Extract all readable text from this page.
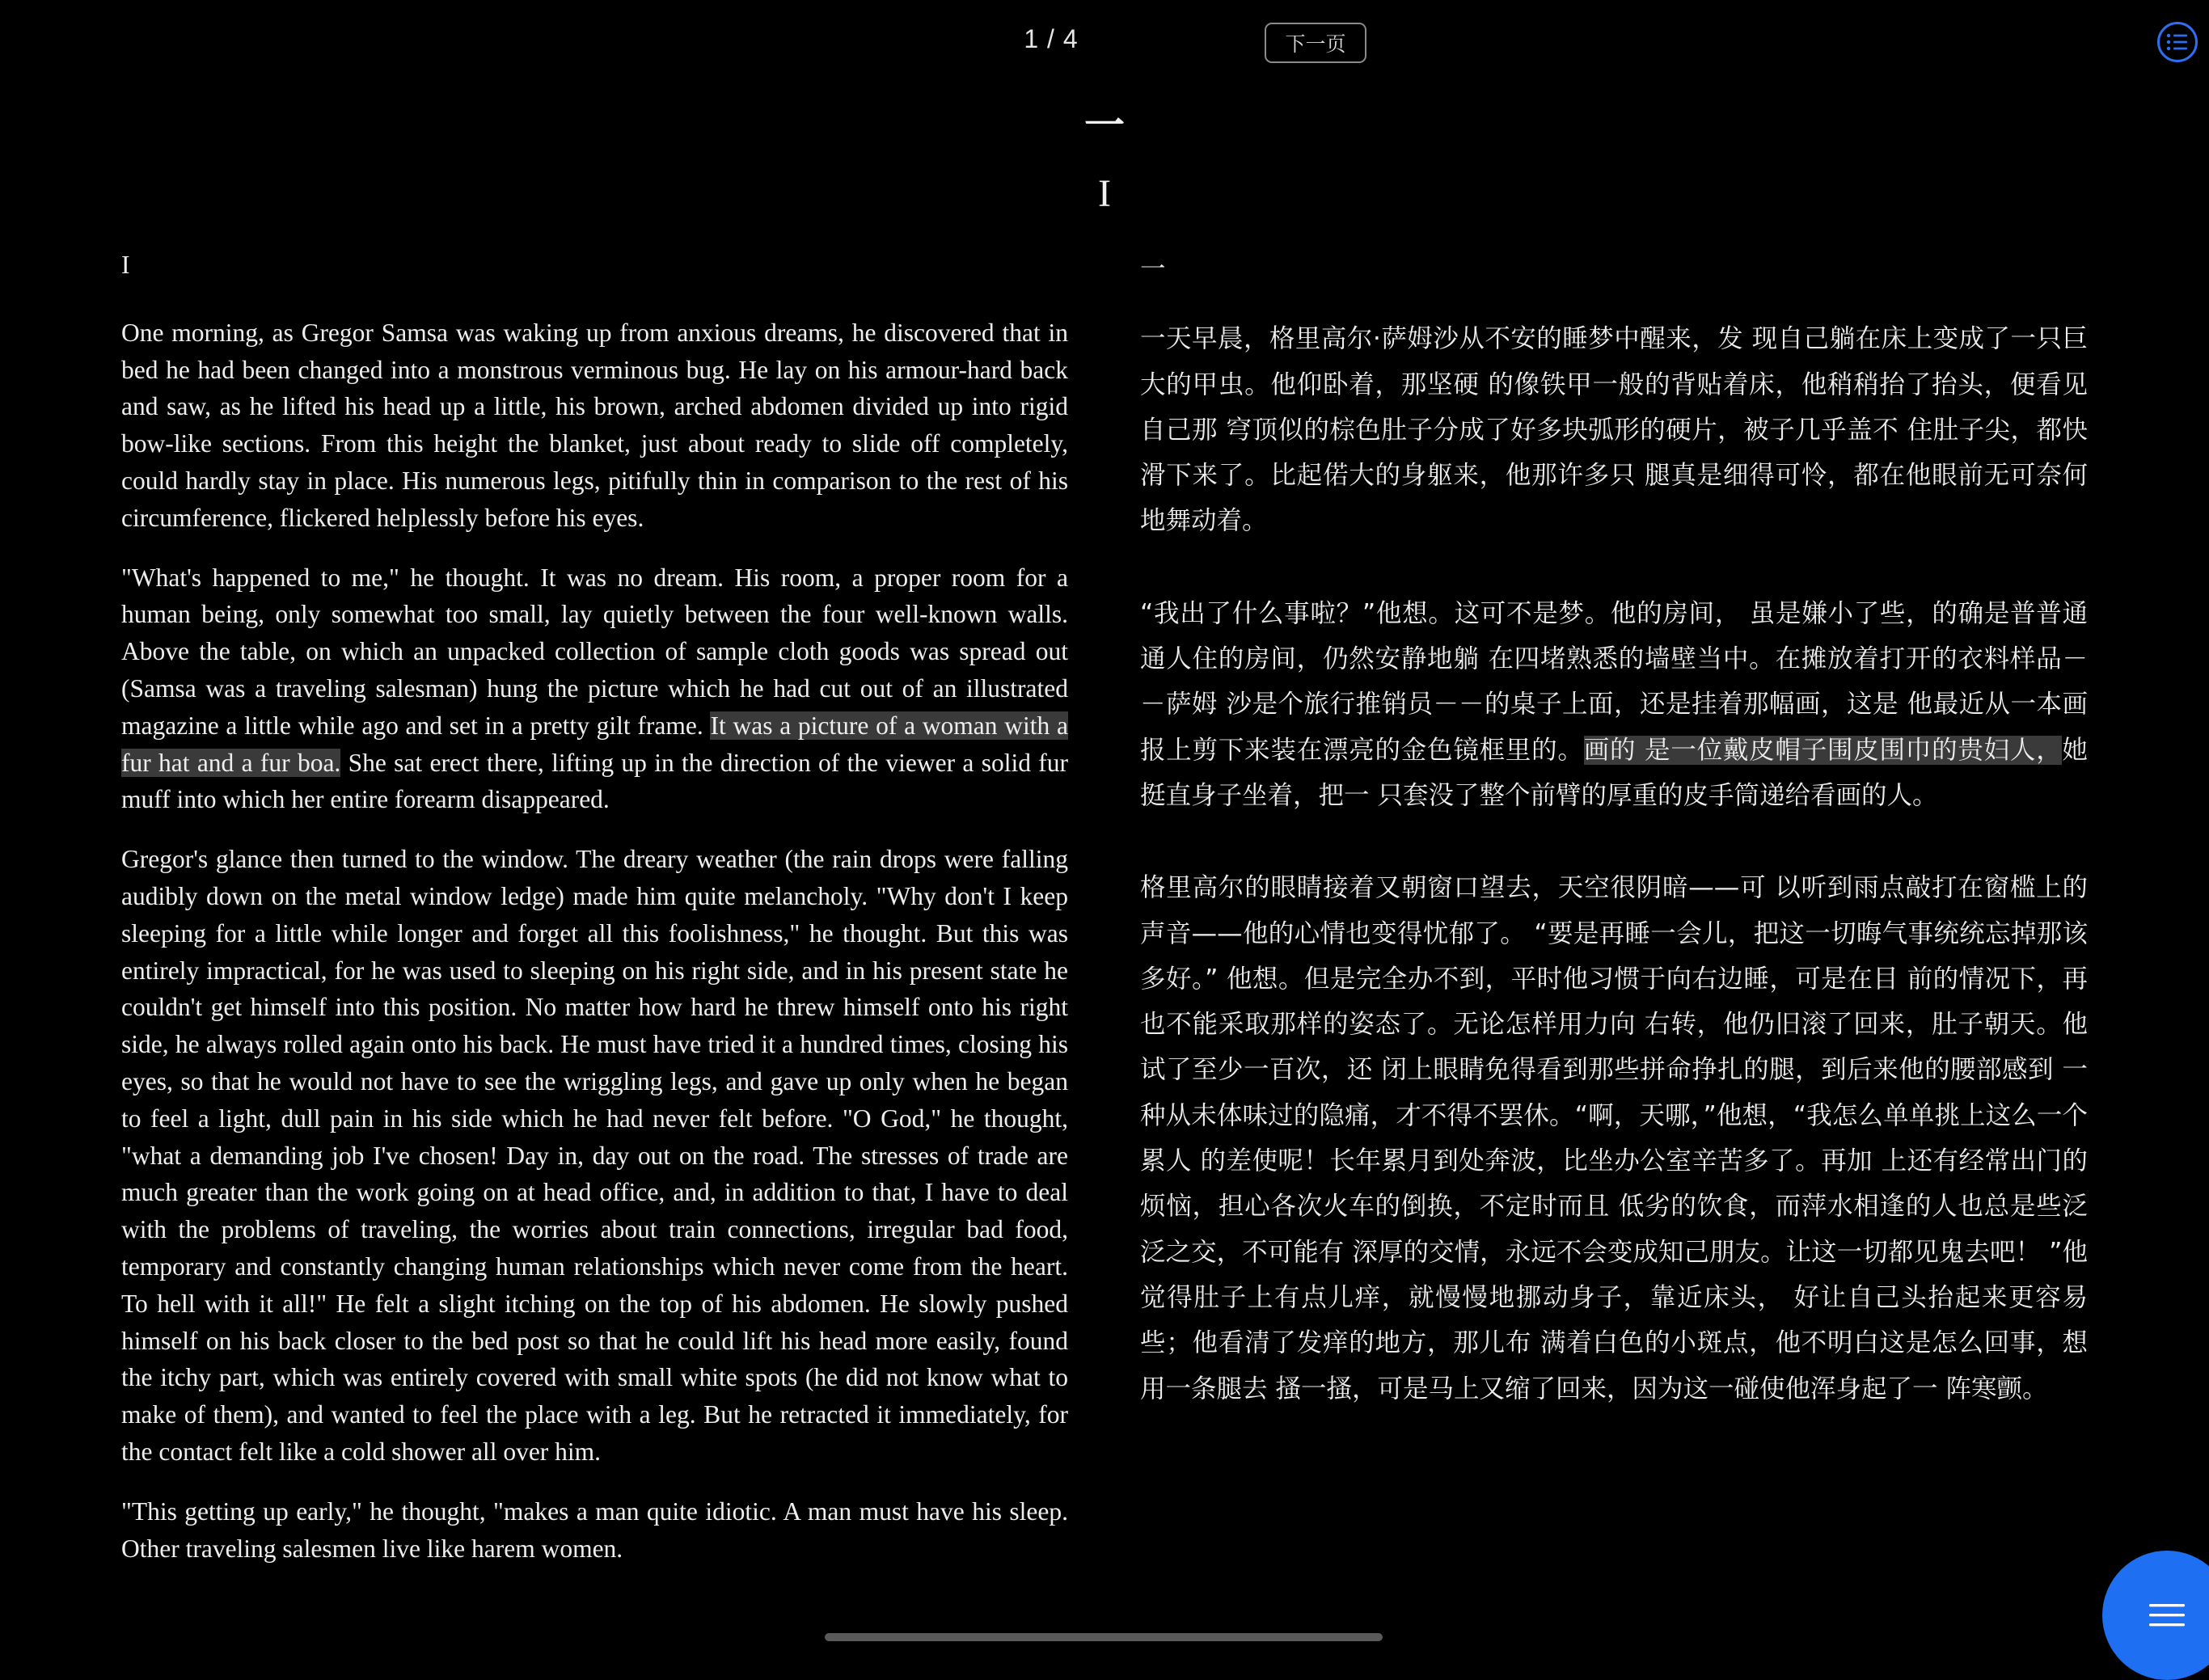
1 / 4	下一页
一
I
I

One morning, as Gregor Samsa was waking up from anxious dreams, he discovered that in bed he had been changed into a monstrous verminous bug. He lay on his armour-hard back and saw, as he lifted his head up a little, his brown, arched abdomen divided up into rigid bow-like sections. From this height the blanket, just about ready to slide off completely, could hardly stay in place. His numerous legs, pitifully thin in comparison to the rest of his circumference, flickered helplessly before his eyes.

"What's happened to me," he thought. It was no dream. His room, a proper room for a human being, only somewhat too small, lay quietly between the four well-known walls. Above the table, on which an unpacked collection of sample cloth goods was spread out (Samsa was a traveling salesman) hung the picture which he had cut out of an illustrated magazine a little while ago and set in a pretty gilt frame. It was a picture of a woman with a fur hat and a fur boa. She sat erect there, lifting up in the direction of the viewer a solid fur muff into which her entire forearm disappeared.

Gregor's glance then turned to the window. The dreary weather (the rain drops were falling audibly down on the metal window ledge) made him quite melancholy. "Why don't I keep sleeping for a little while longer and forget all this foolishness," he thought. But this was entirely impractical, for he was used to sleeping on his right side, and in his present state he couldn't get himself into this position. No matter how hard he threw himself onto his right side, he always rolled again onto his back. He must have tried it a hundred times, closing his eyes, so that he would not have to see the wriggling legs, and gave up only when he began to feel a light, dull pain in his side which he had never felt before. "O God," he thought, "what a demanding job I've chosen! Day in, day out on the road. The stresses of trade are much greater than the work going on at head office, and, in addition to that, I have to deal with the problems of traveling, the worries about train connections, irregular bad food, temporary and constantly changing human relationships which never come from the heart. To hell with it all!" He felt a slight itching on the top of his abdomen. He slowly pushed himself on his back closer to the bed post so that he could lift his head more easily, found the itchy part, which was entirely covered with small white spots (he did not know what to make of them), and wanted to feel the place with a leg. But he retracted it immediately, for the contact felt like a cold shower all over him.

"This getting up early," he thought, "makes a man quite idiotic. A man must have his sleep. Other traveling salesmen live like harem women.

一

一天早晨，格里高尔·萨姆沙从不安的睡梦中醒来，发 现自己躺在床上变成了一只巨大的甲虫。他仰卧着，那坚硬 的像铁甲一般的背贴着床，他稍稍抬了抬头，便看见自己那 穹顶似的棕色肚子分成了好多块弧形的硬片，被子几乎盖不 住肚子尖，都快滑下来了。比起偌大的身躯来，他那许多只 腿真是细得可怜，都在他眼前无可奈何地舞动着。

“我出了什么事啦？”他想。这可不是梦。他的房间， 虽是嫌小了些，的确是普普通通人住的房间，仍然安静地躺 在四堵熟悉的墙壁当中。在摊放着打开的衣料样品－－萨姆 沙是个旅行推销员－－的桌子上面，还是挂着那幅画，这是 他最近从一本画报上剪下来装在漂亮的金色镜框里的。画的 是一位戴皮帽子围皮围巾的贵妇人，她挺直身子坐着，把一 只套没了整个前臂的厚重的皮手筒递给看画的人。

格里高尔的眼睛接着又朝窗口望去，天空很阴暗——可 以听到雨点敲打在窗槛上的声音——他的心情也变得忧郁了。 “要是再睡一会儿，把这一切晦气事统统忘掉那该多好。” 他想。但是完全办不到，平时他习惯于向右边睡，可是在目 前的情况下，再也不能采取那样的姿态了。无论怎样用力向 右转，他仍旧滚了回来，肚子朝天。他试了至少一百次，还 闭上眼睛免得看到那些拼命挣扎的腿，到后来他的腰部感到 一种从未体味过的隐痛，才不得不罢休。“啊，天哪，”他想，“我怎么单单挑上这么一个累人 的差使呢！长年累月到处奔波，比坐办公室辛苦多了。再加 上还有经常出门的烦恼，担心各次火车的倒换，不定时而且 低劣的饮食，而萍水相逢的人也总是些泛泛之交，不可能有 深厚的交情，永远不会变成知己朋友。让这一切都见鬼去吧！ ”他觉得肚子上有点儿痒，就慢慢地挪动身子，靠近床头， 好让自己头抬起来更容易些；他看清了发痒的地方，那儿布 满着白色的小斑点，他不明白这是怎么回事，想用一条腿去 搔一搔，可是马上又缩了回来，因为这一碰使他浑身起了一 阵寒颤。
